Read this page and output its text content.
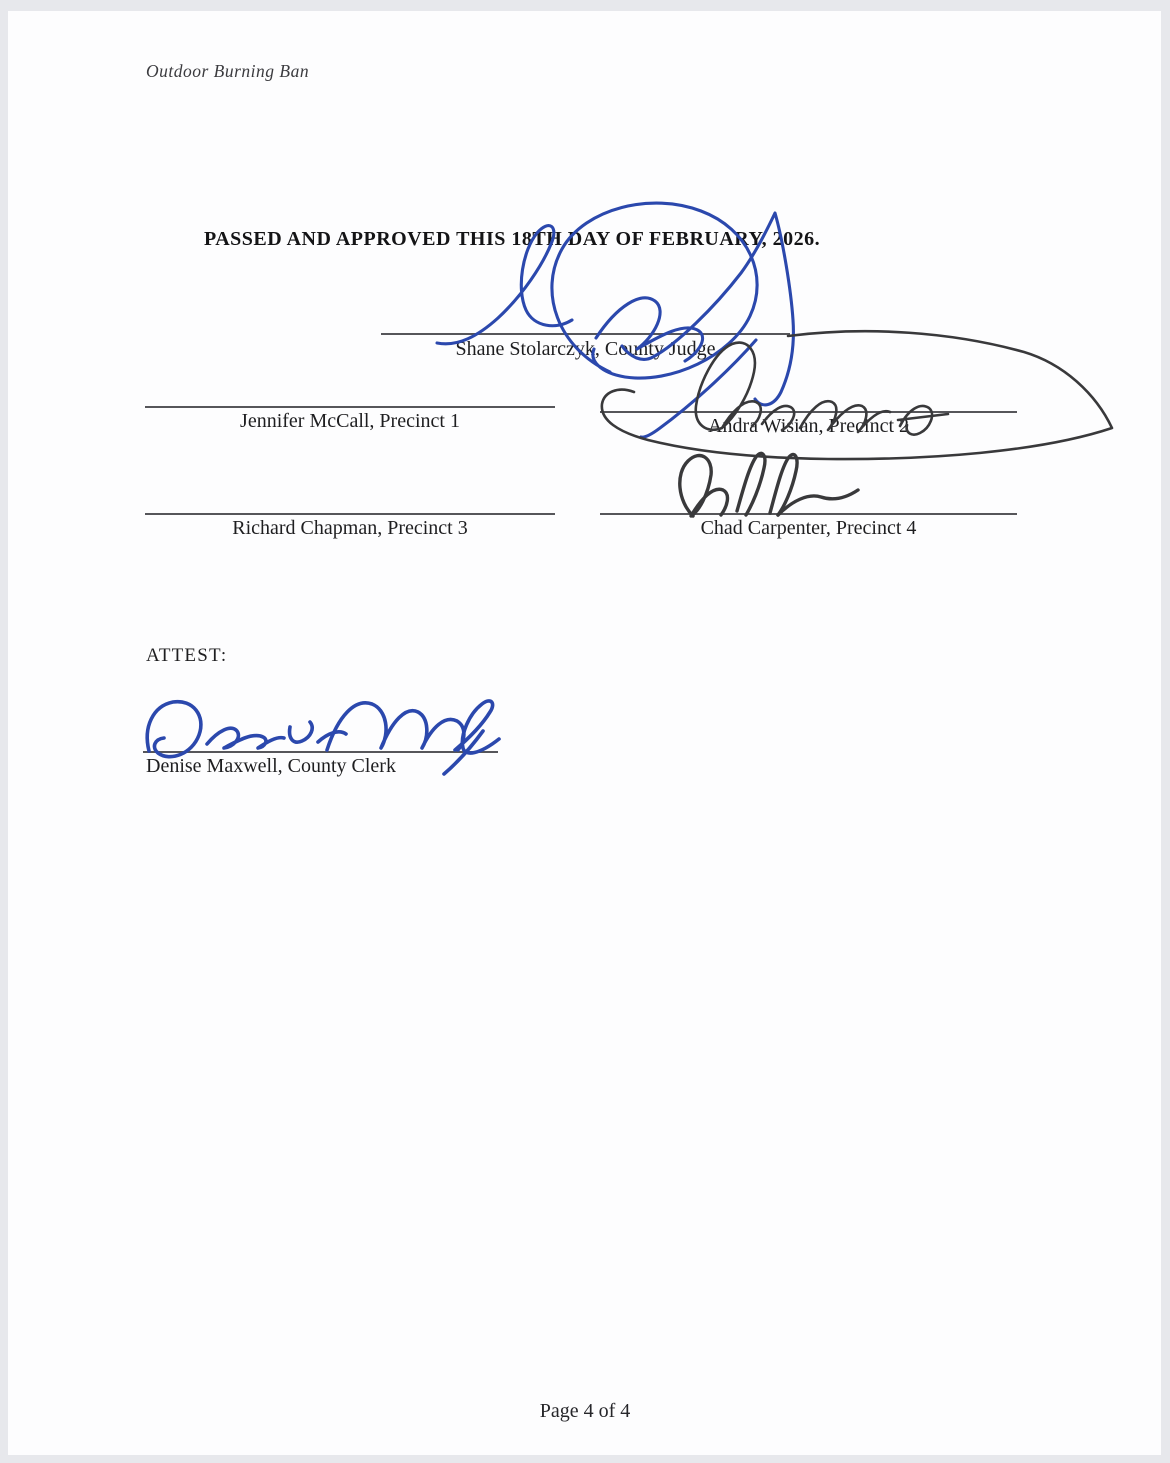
Outdoor Burning Ban
PASSED AND APPROVED THIS 18TH DAY OF FEBRUARY, 2026.
Shane Stolarczyk, County Judge
Jennifer McCall, Precinct 1	Andra Wisian, Precinct 2
Richard Chapman, Precinct 3	Chad Carpenter, Precinct 4
ATTEST:
Denise Maxwell, County Clerk
Page 4 of 4
